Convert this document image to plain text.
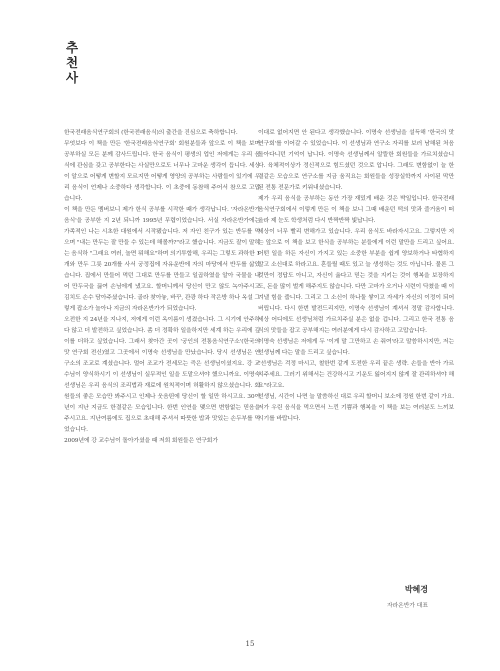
추천사

한국전래음식연구회의 (한국전래음식)의 출간을 진심으로 축하합니다.

무엇보다 이 책을 만든 '한국전래음식연구회' 회원분들과 앞으로 이 책을 보며 공부하실 모든 분께 감사드립니다. 한국 음식이 평생의 업인 저에게는 우리 음식에 관심을 갖고 공부한다는 사실만으로도 너무나 고마운 생각이 듭니다. 세상이 알으로 어떻게 변할지 모르지만 어떻게 영양의 공부하는 사람들이 있기에 우리 음식이 언제나 소중하다 생각합니다. 이 초중에 동참해 주어서 참으로 고맙습니다.

이 책을 만든 멤버보니 제가 한식 공부를 시작한 때가 생각납니다. '자라온반가 음식'을 공부한 지 2년 되니까 1995년 무렵이었습니다. 서실 자라온반가에는 가족적인 나는 시초한 대원에서 시작됐습니다. 저 자인 친구가 있는 반두를 먹으며 "내는 만두는 잘 만들 수 있는데 해볼까?"라고 했습니다. 지금도 잘이 말하는 음식하 "그래요 여러, 놀면 뭐해요"하며 의기투합해, 우리는 그렇도 과하한 1개와 만두 그릇 20개를 사서 궁정집에 자유운반에 자의 마당에서 반두를 삶았습니다. 집에서 만들어 먹던 그대로 만두를 만들고 일곱하였을 알아 국물을 내어 만두국을 끓여 손님에게 냈고요. 할머니께서 당신이 만고 않도 녹아주시고 김치도 손수 담아주셨습니다. 골라 찾아놓, 바꾸, 관광 하다 작은방 하나 옥설 그렇게 잡소가 놀아나 지금의 자라온반가가 되었습니다.

오전한 지 24년을 지나지, 저에게 이런 옥이름이 생겼습니다. 그 시기에 안주하다 않고 더 발전하고 싶었습니다. 좀 더 정확하 일을하지만 세계 하는 우리에 깊이를 더하고 싶었습니다. 그래서 찾아간 곳이 '궁인의 전통음식연구소'(한국의 맛 연구회 전신)였고 그곳에서 이명숙 선생님을 만났습니다. 당시 선생님은 연구소의 조교로 계셨습니다. 멀어 조교가 전세모는 즉은 선생님이셨지요. 강 교수님이 양식하시기 이 선생님이 실무적인 일을 도맡으셔야 했으니까요. 이명숙 선생님은 우리 음식의 조리법과 재료에 원칙적이며 허활하지 않으셨습니다. 회원들의 좋은 모습만 봐주시고 인제나 웃음띤에 당신이 할 일만 하시고요. 30여 년이 지난 지금도 한결같은 모습입니다. 한번 인연을 맺으면 변함없는 믿음을 주시고요. 지난여름에도 집으로 초대해 주셔서 따뜻한 밥과 맛있는 손두부를 먹었습니다.

2009년에 강 교수님이 돌아가셨을 때 저희 회원들은 연구회가

이대로 없어지면 안 된다고 생각했습니다. 이명숙 선생님을 설득해 '한국의 맛 연구회'를 이어갈 수 있었습니다. 이 선생님과 연구소 자리를 보러 남해된 처음 돌아다니던 기억이 납니다. 이명숙 선생님께서 알뜰한 회원들을 가르치셨습니다. 육체적이상가 정신적으로 힘드셨던 것으로 압니다. 그래도 변함없이 늘 한결같은 모습으로 연구소를 지금 움직요는 회원들을 성장실학까지 사이된 막만된 전통 전문가로 키워내셨습니다.

제가 우리 음식을 공부하는 동안 가장 재밌게 배운 것은 박일입니다. 한국전래음식연구회에서 이렇게 만든 이 책을 보니 그때 배운던 떡의 맛과 즐거움이 떠올라 제 눈도 학생처럼 다시 반짝반짝 빛납니다.

세상이 너무 빨리 변해가고 있습니다. 우리 음식도 바라자시고요. 그렇지만 저는 앞으로 이 책을 보고 한식을 공부하는 분들에게 이런 말만을 드리고 싶어요. 어떤 일을 하든 자신이 가지고 있는 소중한 부분을 쉽게 양보하거나 타협하지 말고 소신대로 하라고요. 혼들릴 때도 있고 늘 생성하는 것도 아닙니다. 물론 그것만이 정답도 아니고, 자신이 옳다고 믿는 것을 지키는 것이 행복을 보장하지도, 돈을 많이 벌게 해주지도 않습니다. 다만 고마가 오거나 시련이 닥쳤을 때 이겨낼 힘을 줍니다. 그리고 그 소신이 하나둘 쌓이고 자세가 자신의 이정이 되어버립니다. 다시 한번 발전드리지만, 이명숙 선생님이 계셔서 정말 감사합니다. 세상 어디에도 선생님처럼 가르치주실 분은 없을 겁니다. 그리고 한국 전통 음식의 맛들을 잡고 공부해지는 여러분에게 다시 감사하고 고맙습니다.

이명숙 선생님은 저에게 두 '이게 말 그만하고 손 줘여'라고 말씀하시지만, 저는 선생님께 다는 말을 드리고 싶습니다.

"선생님은 걱정 마시고, 철한번 같게 도전한 우리 끝은 생략. 손들을 반아 가르치주세요. 그러기 위해서는 건강하시고 기운도 잃어지지 않게 잘 관리하셔야 해요"라고요.

선생님, 시간이 나면 늘 말씀하신 대로 우리 할머니 보소에 정원 한번 같이 가요. 저가 우린 음식을 먹으면서 느낀 기쁨과 행복을 이 책을 보는 여러분도 느끼보시기를 바랍니다.

박혜경
자라온반가 대표
15
